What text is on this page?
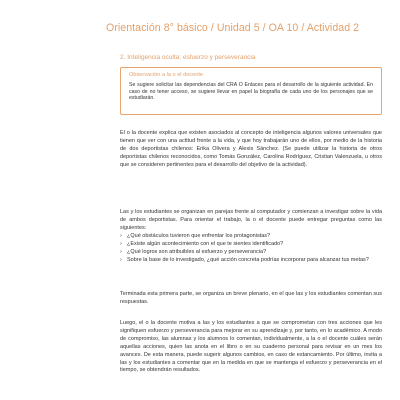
Orientación 8° básico / Unidad 5 / OA 10 / Actividad 2
2. Inteligencia oculta: esfuerzo y perseverancia
Observación a la o el docente
Se sugiere solicitar las dependencias del CRA O Enlaces para el desarrollo de la siguiente actividad. En caso de no tener acceso, se sugiere llevar en papel la biografía de cada uno de los personajes que se estudiarán.
El o la docente explica que existen asociados al concepto de inteligencia algunos valores universales que tienen que ver con una actitud frente a la vida, y que hoy trabajarán uno de ellos, por medio de la historia de dos deportistas chilenos: Erika Olivera y Alexis Sánchez. (Se puede utilizar la historia de otros deportistas chilenos reconocidos, como Tomás González, Carolina Rodríguez, Cristian Valenzuela, u otros que se consideren pertinentes para el desarrollo del objetivo de la actividad).
Las y los estudiantes se organizan en parejas frente al computador y comienzan a investigar sobre la vida de ambos deportistas. Para orientar el trabajo, la o el docente puede entregar preguntas como las siguientes:
› ¿Qué obstáculos tuvieron que enfrentar los protagonistas?
› ¿Existe algún acontecimiento con el que te sientes identificado?
› ¿Qué logros son atribuibles al esfuerzo y perseverancia?
› Sobre la base de lo investigado, ¿qué acción concreta podrías incorporar para alcanzar tus metas?
Terminada esta primera parte, se organiza un breve plenario, en el que las y los estudiantes comentan sus respuestas.
Luego, el o la docente motiva a las y los estudiantes a que se comprometan con tres acciones que les signifiquen esfuerzo y perseverancia para mejorar en su aprendizaje y, por tanto, en lo académico. A modo de compromiso, las alumnas y los alumnos lo comentan, individualmente, a la o el docente cuáles serán aquellas acciones, quien las anota en el libro o en su cuaderno personal para revisar en un mes los avances. De esta manera, puede sugerir algunos cambios, en caso de estancamiento. Por último, invita a las y los estudiantes a comentar que en la medida en que se mantenga el esfuerzo y perseverancia en el tiempo, se obtendrán resultados.
